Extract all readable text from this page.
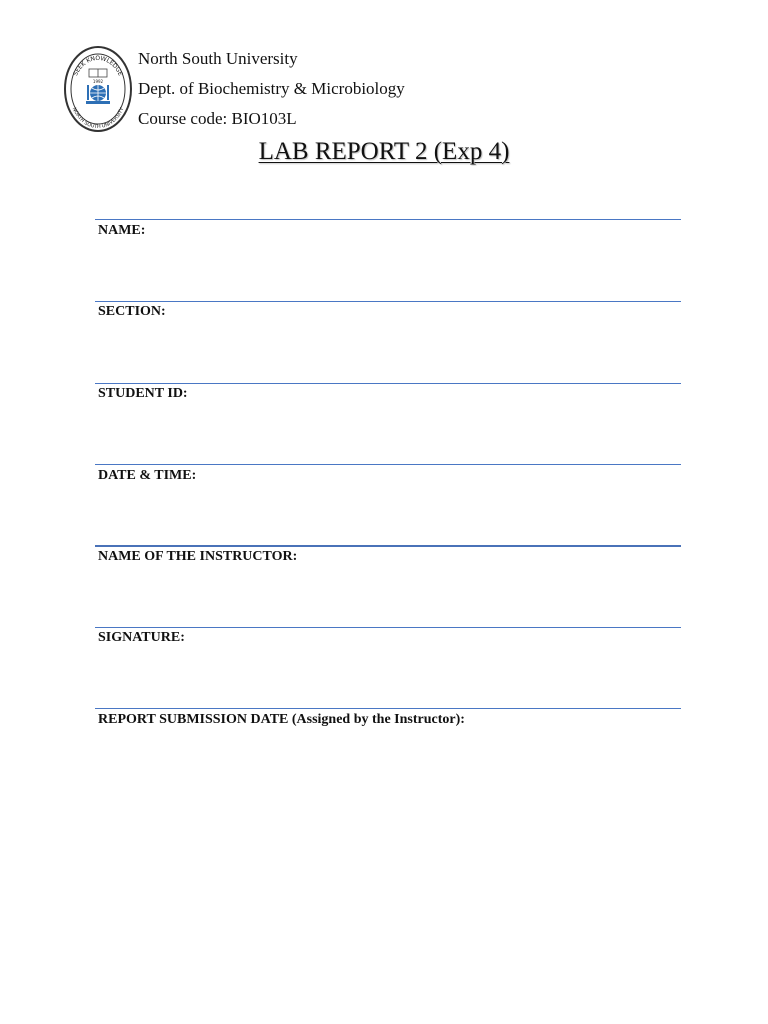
SEEK KNOWLEDGE
NORTH SOUTH UNIVERSITY
1992
North South University
Dept. of Biochemistry & Microbiology
Course code: BIO103L
LAB REPORT 2 (Exp 4)
NAME:
SECTION:
STUDENT ID:
DATE & TIME:
NAME OF THE INSTRUCTOR:
SIGNATURE:
REPORT SUBMISSION DATE (Assigned by the Instructor):
